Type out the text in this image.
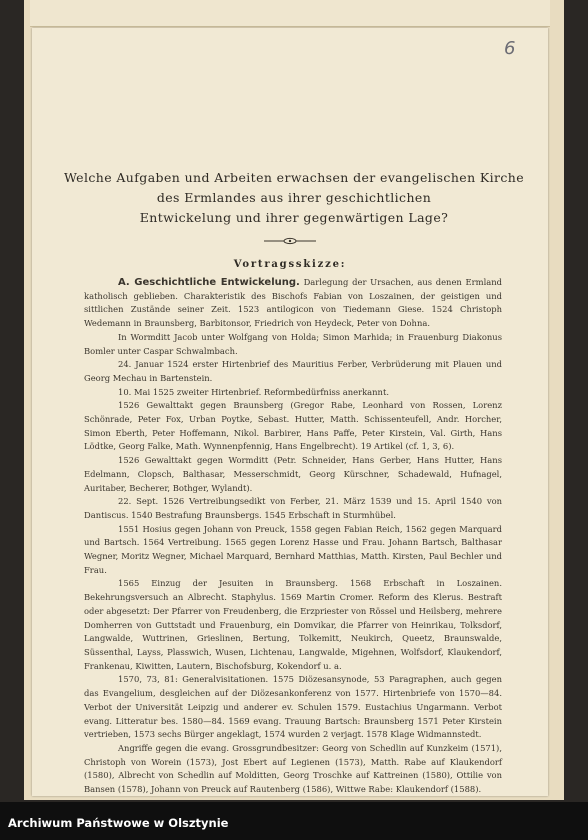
6
Welche Aufgaben und Arbeiten erwachsen der evangelischen Kirche
des Ermlandes aus ihrer geschichtlichen
Entwickelung und ihrer gegenwärtigen Lage?
Vortragsskizze:

A. Geschichtliche Entwickelung. Darlegung der Ursachen, aus denen Ermland katholisch geblieben. Charakteristik des Bischofs Fabian von Loszainen, der geistigen und sittlichen Zustände seiner Zeit. 1523 antilogicon von Tiedemann Giese. 1524 Christoph Wedemann in Braunsberg, Barbitonsor, Friedrich von Heydeck, Peter von Dohna.

In Wormditt Jacob unter Wolfgang von Holda; Simon Marhida; in Frauenburg Diakonus Bomler unter Caspar Schwalmbach.

24. Januar 1524 erster Hirtenbrief des Mauritius Ferber, Verbrüderung mit Plauen und Georg Mechau in Bartenstein.

10. Mai 1525 zweiter Hirtenbrief. Reformbedürfniss anerkannt.

1526 Gewalttakt gegen Braunsberg (Gregor Rabe, Leonhard von Rossen, Lorenz Schönrade, Peter Fox, Urban Poytke, Sebast. Hutter, Matth. Schissenteufell, Andr. Horcher, Simon Eberth, Peter Hoffemann, Nikol. Barbirer, Hans Paffe, Peter Kirstein, Val. Girth, Hans Lödtke, Georg Falke, Math. Wynnenpfennig, Hans Engelbrecht). 19 Artikel (cf. 1, 3, 6).

1526 Gewalttakt gegen Wormditt (Petr. Schneider, Hans Gerber, Hans Hutter, Hans Edelmann, Clopsch, Balthasar, Messerschmidt, Georg Kürschner, Schadewald, Hufnagel, Auritaber, Becherer, Bothger, Wylandt).

22. Sept. 1526 Vertreibungsedikt von Ferber, 21. März 1539 und 15. April 1540 von Dantiscus. 1540 Bestrafung Braunsbergs. 1545 Erbschaft in Sturmhübel.

1551 Hosius gegen Johann von Preuck, 1558 gegen Fabian Reich, 1562 gegen Marquard und Bartsch. 1564 Vertreibung. 1565 gegen Lorenz Hasse und Frau. Johann Bartsch, Balthasar Wegner, Moritz Wegner, Michael Marquard, Bernhard Matthias, Matth. Kirsten, Paul Bechler und Frau.

1565 Einzug der Jesuiten in Braunsberg. 1568 Erbschaft in Loszainen. Bekehrungsversuch an Albrecht. Staphylus. 1569 Martin Cromer. Reform des Klerus. Bestraft oder abgesetzt: Der Pfarrer von Freudenberg, die Erzpriester von Rössel und Heilsberg, mehrere Domherren von Guttstadt und Frauenburg, ein Domvikar, die Pfarrer von Heinrikau, Tolksdorf, Langwalde, Wuttrinen, Grieslinen, Bertung, Tolkemitt, Neukirch, Queetz, Braunswalde, Süssenthal, Layss, Plasswich, Wusen, Lichtenau, Langwalde, Migehnen, Wolfsdorf, Klaukendorf, Frankenau, Kiwitten, Lautern, Bischofsburg, Kokendorf u. a.

1570, 73, 81: Generalvisitationen. 1575 Diözesansynode, 53 Paragraphen, auch gegen das Evangelium, desgleichen auf der Diözesankonferenz von 1577. Hirtenbriefe von 1570—84. Verbot der Universität Leipzig und anderer ev. Schulen 1579. Eustachius Ungarmann. Verbot evang. Litteratur bes. 1580—84. 1569 evang. Trauung Bartsch: Braunsberg 1571 Peter Kirstein vertrieben, 1573 sechs Bürger angeklagt, 1574 wurden 2 verjagt. 1578 Klage Widmannstedt.

Angriffe gegen die evang. Grossgrundbesitzer: Georg von Schedlin auf Kunzkeim (1571), Christoph von Worein (1573), Jost Ebert auf Legienen (1573), Matth. Rabe auf Klaukendorf (1580), Albrecht von Schedlin auf Molditten, Georg Troschke auf Kattreinen (1580), Ottilie von Bansen (1578), Johann von Preuck auf Rautenberg (1586), Wittwe Rabe: Klaukendorf (1588).

Archiwum Państwowe w Olsztynie
